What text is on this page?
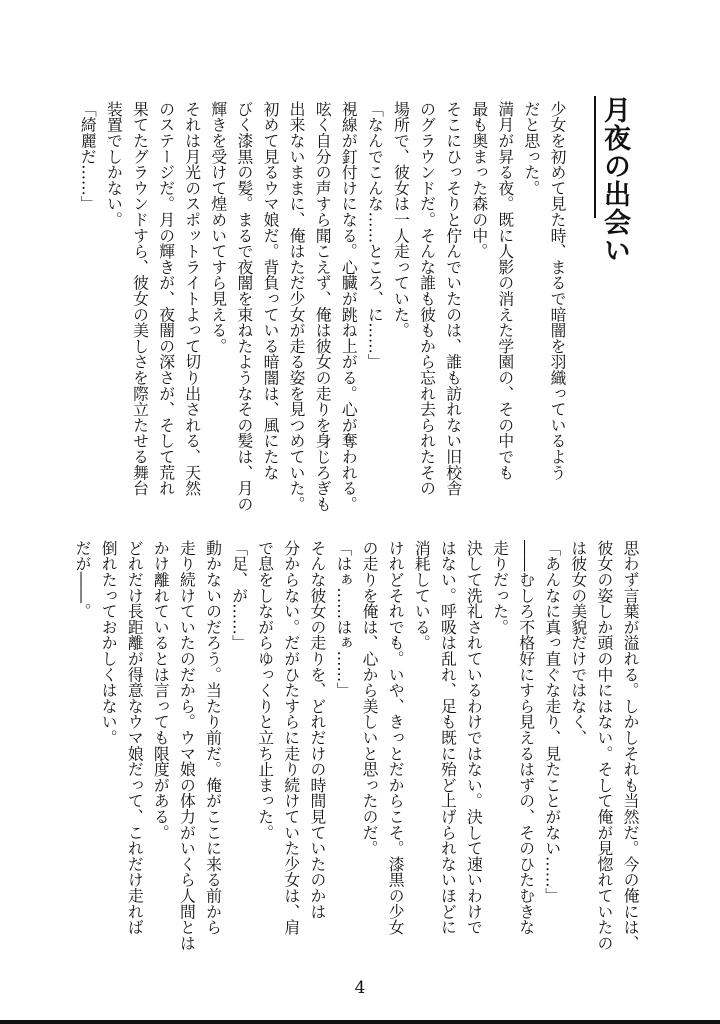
月夜の出会い

少女を初めて見た時、まるで暗闇を羽織っているよう

だと思った。

満月が昇る夜。既に人影の消えた学園の、その中でも

最も奥まった森の中。

そこにひっそりと佇んでいたのは、誰も訪れない旧校舎

のグラウンドだ。そんな誰も彼もから忘れ去られたその

場所で、彼女は一人走っていた。

「なんでこんな……ところ、に……」

視線が釘付けになる。心臓が跳ね上がる。心が奪われる。

呟く自分の声すら聞こえず、俺は彼女の走りを身じろぎも

出来ないままに、俺はただ少女が走る姿を見つめていた。

初めて見るウマ娘だ。背負っている暗闇は、風にたな

びく漆黒の髪。まるで夜闇を束ねたようなその髪は、月の

輝きを受けて煌めいてすら見える。

それは月光のスポットライトよって切り出される、天然

のステージだ。月の輝きが、夜闇の深さが、そして荒れ

果てたグラウンドすら、彼女の美しさを際立たせる舞台

装置でしかない。

「綺麗だ……」

思わず言葉が溢れる。しかしそれも当然だ。今の俺には、

彼女の姿しか頭の中にはない。そして俺が見惚れていたの

は彼女の美貌だけではなく、

「あんなに真っ直ぐな走り、見たことがない……」

――むしろ不格好にすら見えるはずの、そのひたむきな

走りだった。

決して洗礼されているわけではない。決して速いわけで

はない。呼吸は乱れ、足も既に殆ど上げられないほどに

消耗している。

けれどそれでも。いや、きっとだからこそ。漆黒の少女

の走りを俺は、心から美しいと思ったのだ。

「はぁ……はぁ……」

そんな彼女の走りを、どれだけの時間見ていたのかは

分からない。だがひたすらに走り続けていた少女は、肩

で息をしながらゆっくりと立ち止まった。

「足、が……」

動かないのだろう。当たり前だ。俺がここに来る前から

走り続けていたのだから。ウマ娘の体力がいくら人間とは

かけ離れているとは言っても限度がある。

どれだけ長距離が得意なウマ娘だって、これだけ走れば

倒れたっておかしくはない。

だが――。

4
